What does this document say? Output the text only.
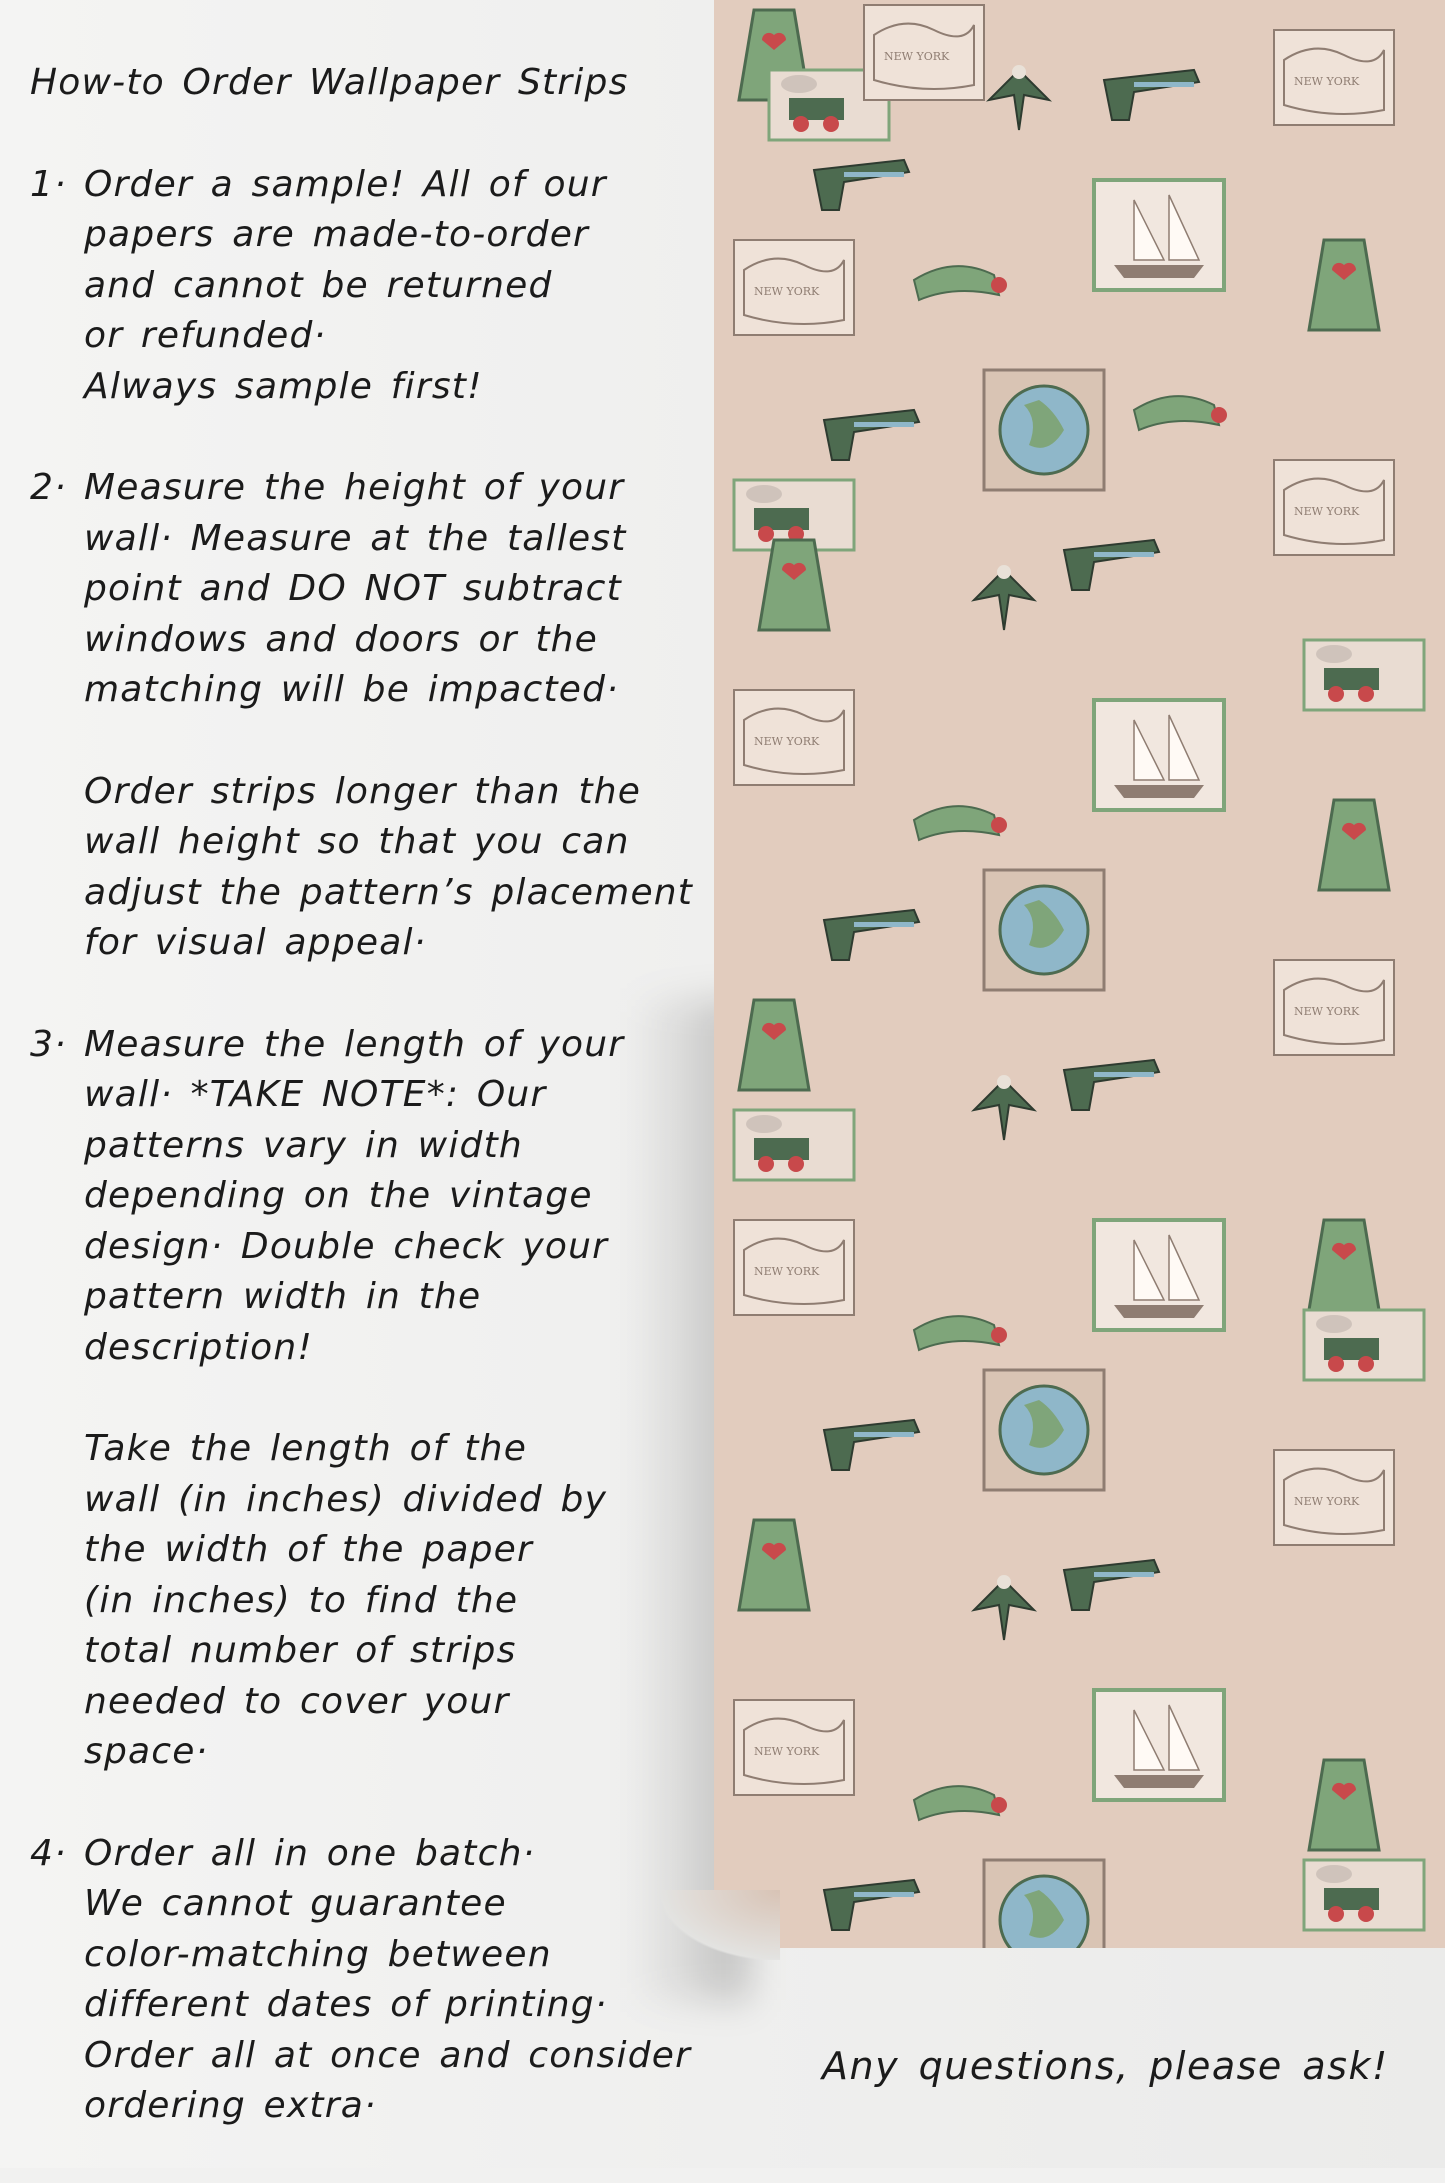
NEW YORK
NEW YORK
NEW YORK
NEW YORK
NEW YORK
NEW YORK
NEW YORK
NEW YORK
NEW YORK
How-to Order Wallpaper Strips
1· Order a sample! All of our
papers are made-to-order
and cannot be returned
or refunded·
Always sample first!
2· Measure the height of your
wall· Measure at the tallest
point and DO NOT subtract
windows and doors or the
matching will be impacted·
Order strips longer than the
wall height so that you can
adjust the pattern’s placement
for visual appeal·
3· Measure the length of your
wall· *TAKE NOTE*: Our
patterns vary in width
depending on the vintage
design· Double check your
pattern width in the
description!
Take the length of the
wall (in inches) divided by
the width of the paper
(in inches) to find the
total number of strips
needed to cover your
space·
4· Order all in one batch·
We cannot guarantee
color-matching between
different dates of printing·
Order all at once and consider
ordering extra·
Any questions, please ask!
